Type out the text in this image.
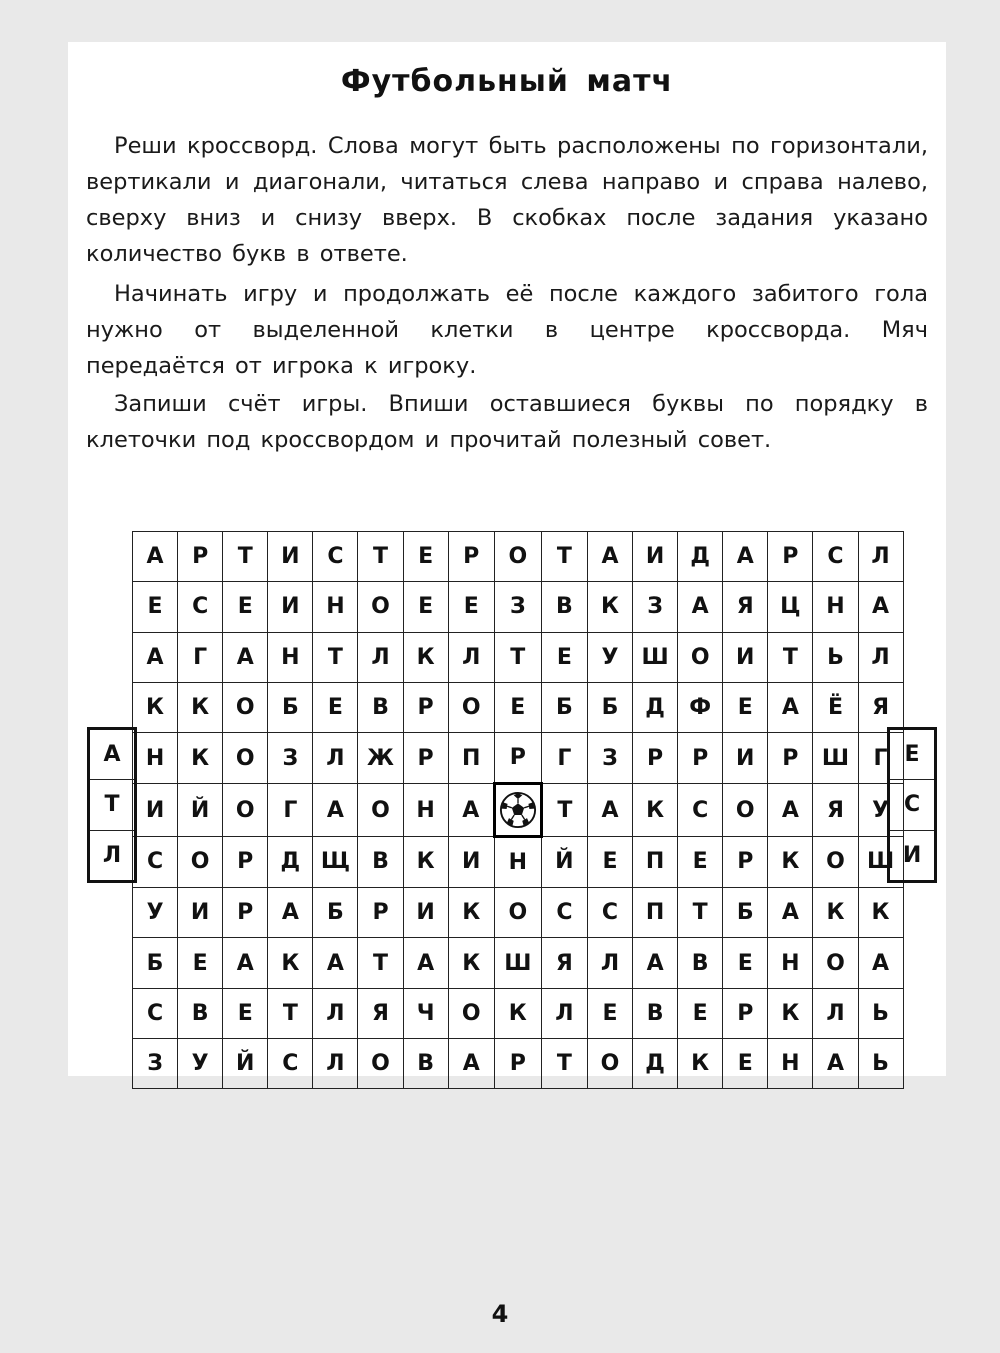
Футбольный матч

Реши кроссворд. Слова могут быть расположены по горизонтали, вертикали и диагонали, читаться слева направо и справа налево, сверху вниз и снизу вверх. В скобках после задания указано количество букв в ответе.

Начинать игру и продолжать её после каждого забитого гола нужно от выделенной клетки в центре кроссворда. Мяч передаётся от игрока к игроку.

Запиши счёт игры. Впиши оставшиеся буквы по порядку в клеточки под кроссвордом и прочитай полезный совет.

А	Р	Т	И	С	Т	Е	Р	О	Т	А	И	Д	А	Р	С	Л
Е	С	Е	И	Н	О	Е	Е	З	В	К	З	А	Я	Ц	Н	А
А	Г	А	Н	Т	Л	К	Л	Т	Е	У	Ш	О	И	Т	Ь	Л
К	К	О	Б	Е	В	Р	О	Е	Б	Б	Д	Ф	Е	А	Ё	Я
Н	К	О	З	Л	Ж	Р	П	Р	Г	З	Р	Р	И	Р	Ш	Г
И	Й	О	Г	А	О	Н	А		Т	А	К	С	О	А	Я	У
С	О	Р	Д	Щ	В	К	И	Н	Й	Е	П	Е	Р	К	О	Ш
У	И	Р	А	Б	Р	И	К	О	С	С	П	Т	Б	А	К	К
Б	Е	А	К	А	Т	А	К	Ш	Я	Л	А	В	Е	Н	О	А
С	В	Е	Т	Л	Я	Ч	О	К	Л	Е	В	Е	Р	К	Л	Ь
З	У	Й	С	Л	О	В	А	Р	Т	О	Д	К	Е	Н	А	Ь
А
Т
Л
Е
С
И
4
